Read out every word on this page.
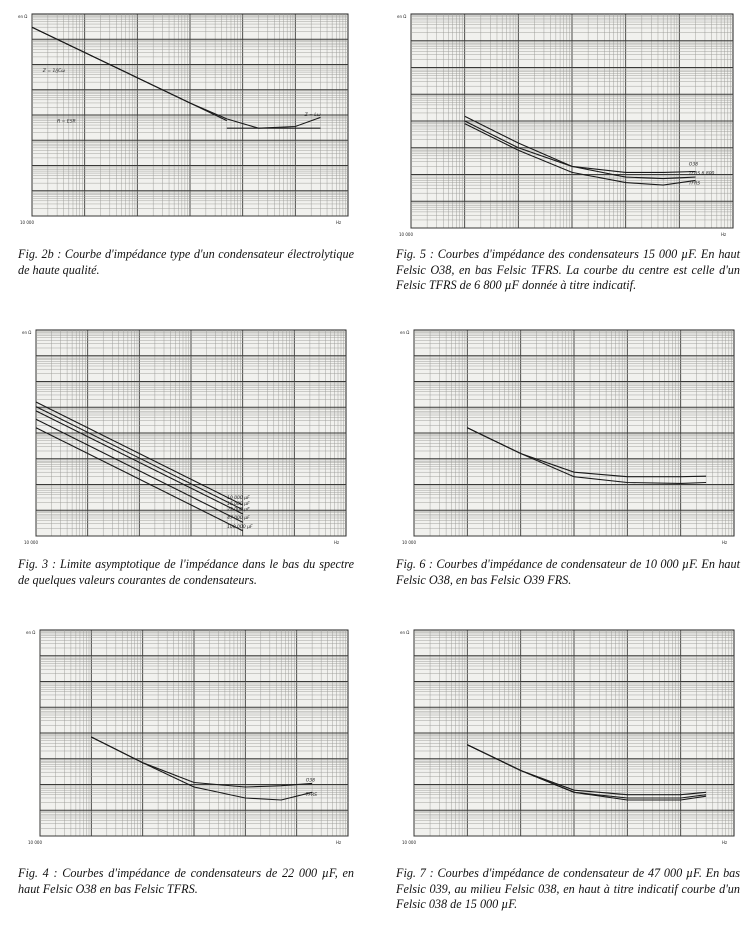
en Ω
10 000	Hz
Z = 1/jCω
R = ESR
Z = Lω

Fig. 2b : Courbe d'impédance type d'un condensateur électrolytique de haute qualité.

en Ω
10 000	Hz
O38
TFRS 6 800
TFRS

Fig. 5 : Courbes d'impédance des condensateurs 15 000 µF. En haut Felsic O38, en bas Felsic TFRS. La courbe du centre est celle d'un Felsic TFRS de 6 800 µF donnée à titre indicatif.

en Ω
10 000	Hz
10 000 µF
15 000 µF
22 000 µF
47 000 µF
100 000 µF

Fig. 3 : Limite asymptotique de l'impédance dans le bas du spectre de quelques valeurs courantes de condensateurs.

en Ω
10 000	Hz

Fig. 6 : Courbes d'impédance de condensateur de 10 000 µF. En haut Felsic O38, en bas Felsic O39 FRS.

en Ω
10 000	Hz
O38
TFRS

Fig. 4 : Courbes d'impédance de condensateurs de 22 000 µF, en haut Felsic O38 en bas Felsic TFRS.

en Ω
10 000	Hz

Fig. 7 : Courbes d'impédance de condensateur de 47 000 µF. En bas Felsic 039, au milieu Felsic 038, en haut à titre indicatif courbe d'un Felsic 038 de 15 000 µF.
